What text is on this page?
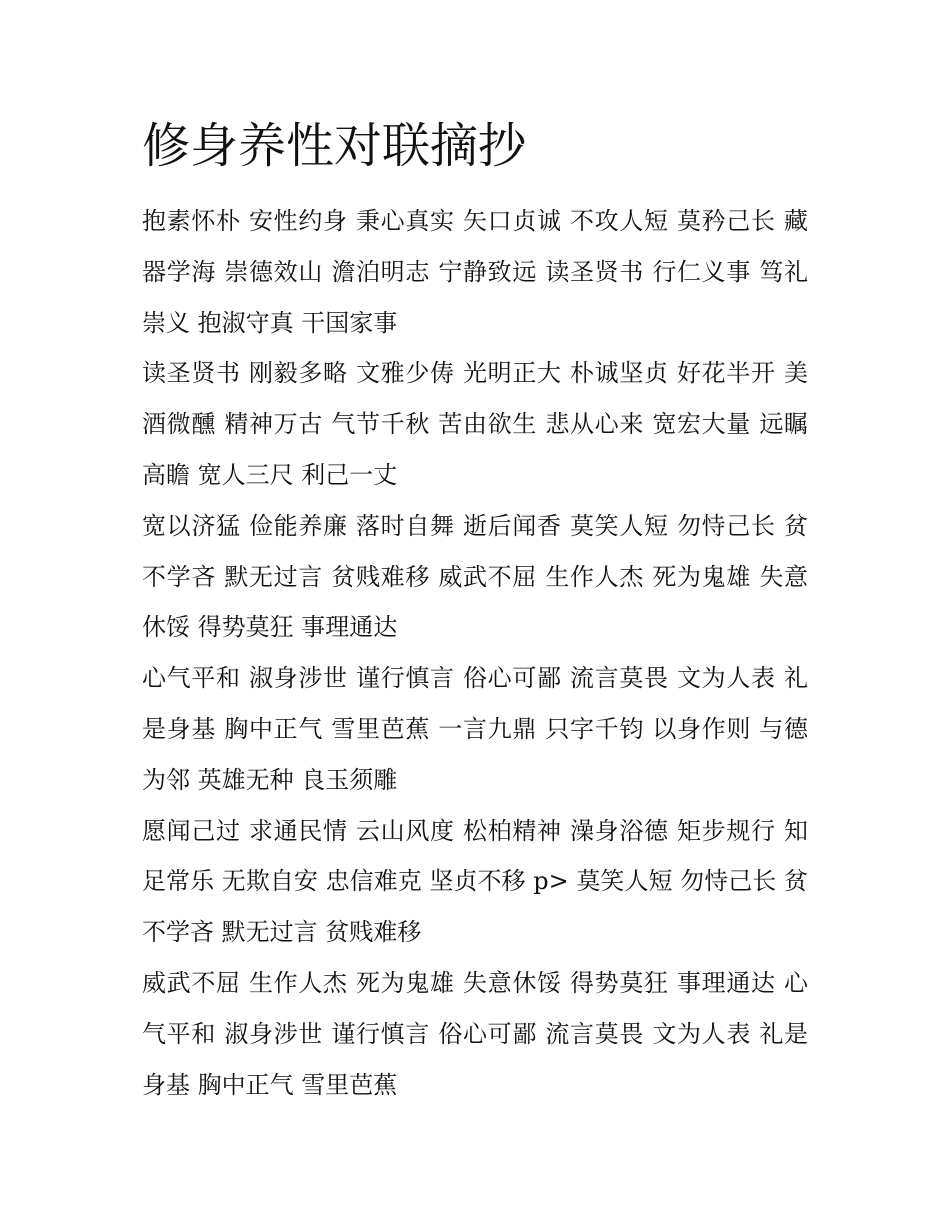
修身养性对联摘抄

抱素怀朴 安性约身 秉心真实 矢口贞诚 不攻人短 莫矜己长 藏器学海 崇德效山 澹泊明志 宁静致远 读圣贤书 行仁义事 笃礼崇义 抱淑守真 干国家事

读圣贤书 刚毅多略 文雅少俦 光明正大 朴诚坚贞 好花半开 美酒微醺 精神万古 气节千秋 苦由欲生 悲从心来 宽宏大量 远瞩高瞻 宽人三尺 利己一丈

宽以济猛 俭能养廉 落时自舞 逝后闻香 莫笑人短 勿恃己长 贫不学吝 默无过言 贫贱难移 威武不屈 生作人杰 死为鬼雄 失意休馁 得势莫狂 事理通达

心气平和 淑身涉世 谨行慎言 俗心可鄙 流言莫畏 文为人表 礼是身基 胸中正气 雪里芭蕉 一言九鼎 只字千钧 以身作则 与德为邻 英雄无种 良玉须雕

愿闻己过 求通民情 云山风度 松柏精神 澡身浴德 矩步规行 知足常乐 无欺自安 忠信难克 坚贞不移 p> 莫笑人短 勿恃己长 贫不学吝 默无过言 贫贱难移

威武不屈 生作人杰 死为鬼雄 失意休馁 得势莫狂 事理通达 心气平和 淑身涉世 谨行慎言 俗心可鄙 流言莫畏 文为人表 礼是身基 胸中正气 雪里芭蕉
